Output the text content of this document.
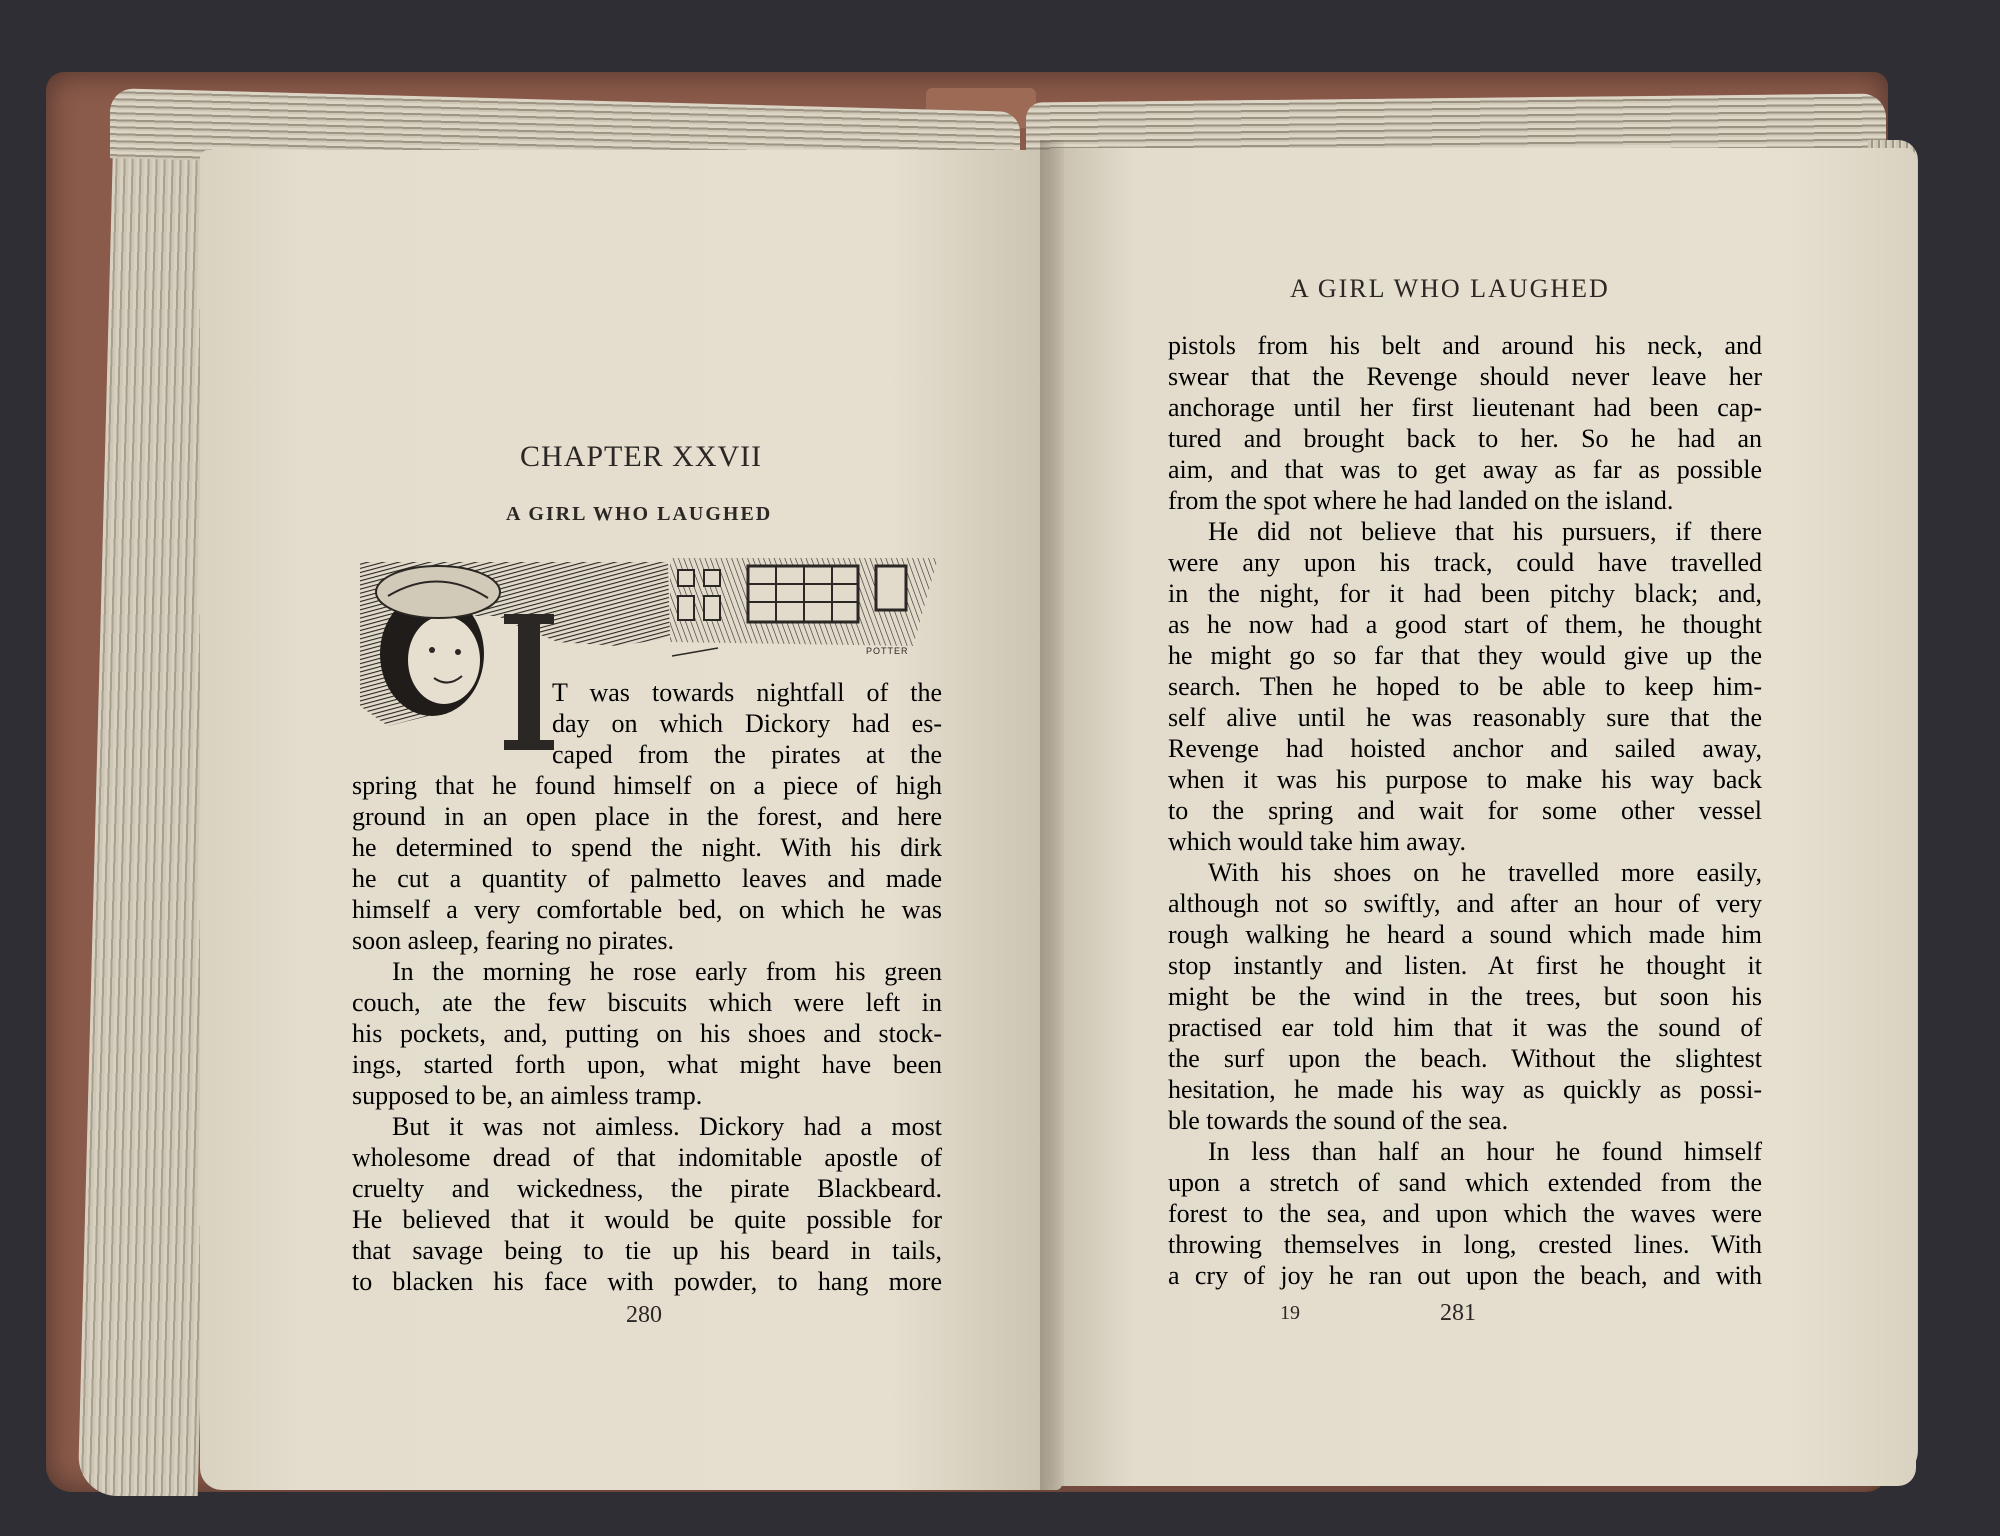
CHAPTER XXVII
A GIRL WHO LAUGHED
POTTER
T was towards nightfall of the
day on which Dickory had es-
caped from the pirates at the
spring that he found himself on a piece of high
ground in an open place in the forest, and here
he determined to spend the night. With his dirk
he cut a quantity of palmetto leaves and made
himself a very comfortable bed, on which he was
soon asleep, fearing no pirates.
In the morning he rose early from his green
couch, ate the few biscuits which were left in
his pockets, and, putting on his shoes and stock-
ings, started forth upon, what might have been
supposed to be, an aimless tramp.
But it was not aimless. Dickory had a most
wholesome dread of that indomitable apostle of
cruelty and wickedness, the pirate Blackbeard.
He believed that it would be quite possible for
that savage being to tie up his beard in tails,
to blacken his face with powder, to hang more
280
A GIRL WHO LAUGHED
pistols from his belt and around his neck, and
swear that the Revenge should never leave her
anchorage until her first lieutenant had been cap-
tured and brought back to her. So he had an
aim, and that was to get away as far as possible
from the spot where he had landed on the island.
He did not believe that his pursuers, if there
were any upon his track, could have travelled
in the night, for it had been pitchy black; and,
as he now had a good start of them, he thought
he might go so far that they would give up the
search. Then he hoped to be able to keep him-
self alive until he was reasonably sure that the
Revenge had hoisted anchor and sailed away,
when it was his purpose to make his way back
to the spring and wait for some other vessel
which would take him away.
With his shoes on he travelled more easily,
although not so swiftly, and after an hour of very
rough walking he heard a sound which made him
stop instantly and listen. At first he thought it
might be the wind in the trees, but soon his
practised ear told him that it was the sound of
the surf upon the beach. Without the slightest
hesitation, he made his way as quickly as possi-
ble towards the sound of the sea.
In less than half an hour he found himself
upon a stretch of sand which extended from the
forest to the sea, and upon which the waves were
throwing themselves in long, crested lines. With
a cry of joy he ran out upon the beach, and with
19	281
